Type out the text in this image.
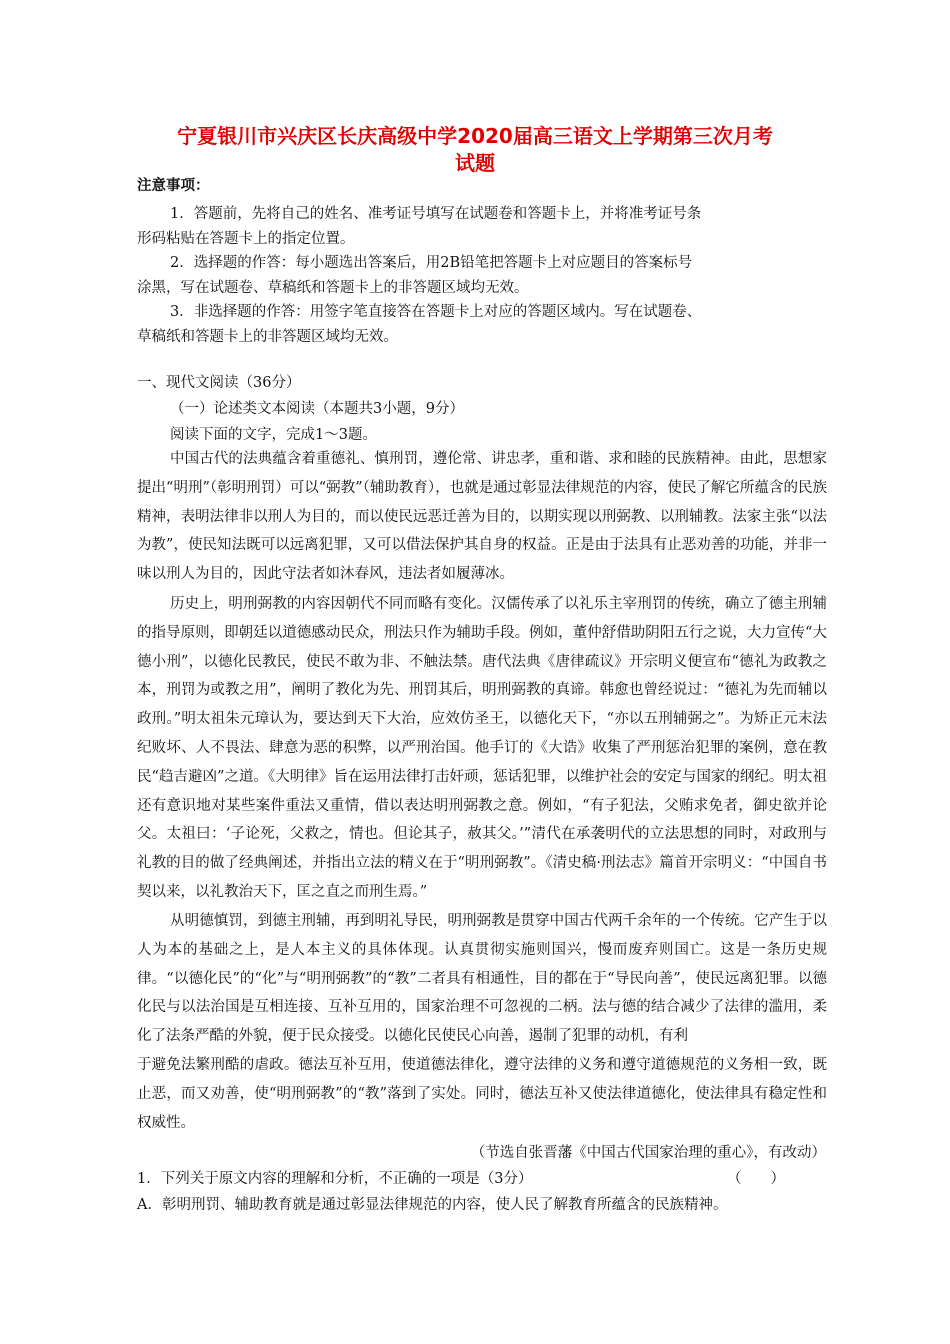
宁夏银川市兴庆区长庆高级中学2020届高三语文上学期第三次月考
试题
注意事项：
1．答题前，先将自己的姓名、准考证号填写在试题卷和答题卡上，并将准考证号条
形码粘贴在答题卡上的指定位置。
2．选择题的作答：每小题选出答案后，用2B铅笔把答题卡上对应题目的答案标号
涂黑，写在试题卷、草稿纸和答题卡上的非答题区域均无效。
3．非选择题的作答：用签字笔直接答在答题卡上对应的答题区域内。写在试题卷、
草稿纸和答题卡上的非答题区域均无效。
一、现代文阅读（36分）
（一）论述类文本阅读（本题共3小题，9分）
阅读下面的文字，完成1～3题。

中国古代的法典蕴含着重德礼、慎刑罚，遵伦常、讲忠孝，重和谐、求和睦的民族精神。由此，思想家提出“明刑”（彰明刑罚）可以“弼教”（辅助教育），也就是通过彰显法律规范的内容，使民了解它所蕴含的民族精神，表明法律非以刑人为目的，而以使民远恶迁善为目的，以期实现以刑弼教、以刑辅教。法家主张“以法为教”，使民知法既可以远离犯罪，又可以借法保护其自身的权益。正是由于法具有止恶劝善的功能，并非一味以刑人为目的，因此守法者如沐春风，违法者如履薄冰。

历史上，明刑弼教的内容因朝代不同而略有变化。汉儒传承了以礼乐主宰刑罚的传统，确立了德主刑辅的指导原则，即朝廷以道德感动民众，刑法只作为辅助手段。例如，董仲舒借助阴阳五行之说，大力宣传“大德小刑”，以德化民教民，使民不敢为非、不触法禁。唐代法典《唐律疏议》开宗明义便宣布“德礼为政教之本，刑罚为或教之用”，阐明了教化为先、刑罚其后，明刑弼教的真谛。韩愈也曾经说过：“德礼为先而辅以政刑。”明太祖朱元璋认为，要达到天下大治，应效仿圣王，以德化天下，“亦以五刑辅弼之”。为矫正元末法纪败坏、人不畏法、肆意为恶的积弊，以严刑治国。他手订的《大诰》收集了严刑惩治犯罪的案例，意在教民“趋吉避凶”之道。《大明律》旨在运用法律打击奸顽，惩话犯罪，以维护社会的安定与国家的纲纪。明太祖还有意识地对某些案件重法又重情，借以表达明刑弼教之意。例如，“有子犯法，父贿求免者，御史欲并论父。太祖曰：‘子论死，父救之，情也。但论其子，赦其父。’”清代在承袭明代的立法思想的同时，对政刑与礼教的目的做了经典阐述，并指出立法的精义在于“明刑弼教”。《清史稿·刑法志》篇首开宗明义：“中国自书契以来，以礼教治天下，匡之直之而刑生焉。”

从明德慎罚，到德主刑辅，再到明礼导民，明刑弼教是贯穿中国古代两千余年的一个传统。它产生于以人为本的基础之上，是人本主义的具体体现。认真贯彻实施则国兴，慢而废弃则国亡。这是一条历史规律。“以德化民”的“化”与“明刑弼教”的“教”二者具有相通性，目的都在于“导民向善”，使民远离犯罪。以德化民与以法治国是互相连接、互补互用的，国家治理不可忽视的二柄。法与德的结合减少了法律的滥用，柔化了法条严酷的外貌，便于民众接受。以德化民使民心向善，遏制了犯罪的动机，有利

于避免法繁刑酷的虐政。德法互补互用，使道德法律化，遵守法律的义务和遵守道德规范的义务相一致，既止恶，而又劝善，使“明刑弼教”的“教”落到了实处。同时，德法互补又使法律道德化，使法律具有稳定性和权威性。

（节选自张晋藩《中国古代国家治理的重心》，有改动）
1．下列关于原文内容的理解和分析，不正确的一项是（3分）	（　　）
A．彰明刑罚、辅助教育就是通过彰显法律规范的内容，使人民了解教育所蕴含的民族精神。
